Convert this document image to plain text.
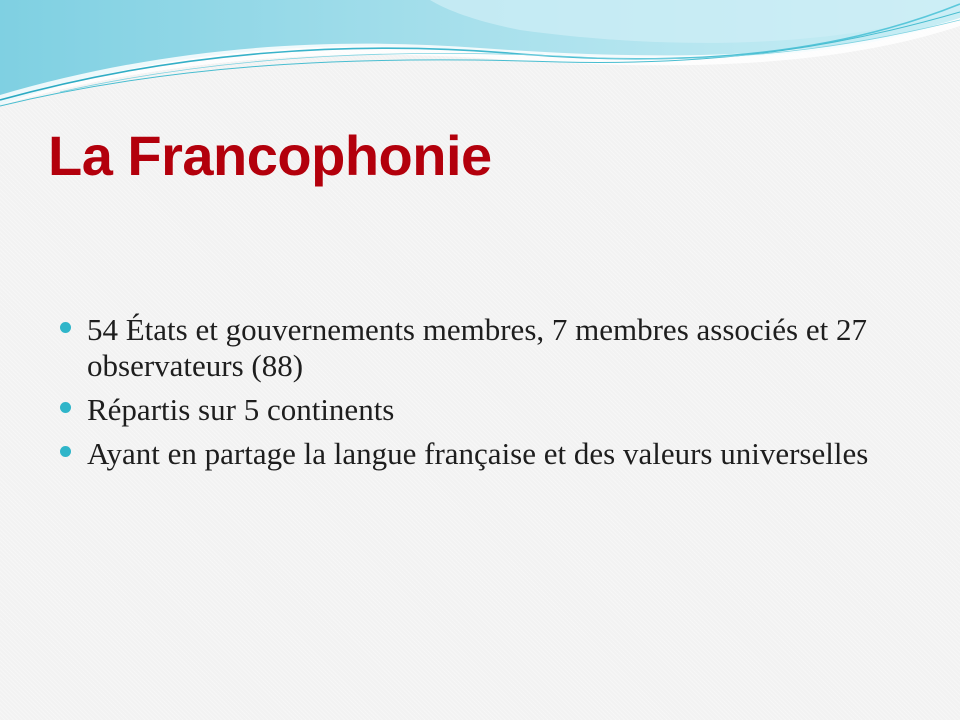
La Francophonie
54 États et gouvernements membres, 7 membres associés et 27 observateurs (88)
Répartis sur 5 continents
Ayant en partage la langue française et des valeurs universelles
